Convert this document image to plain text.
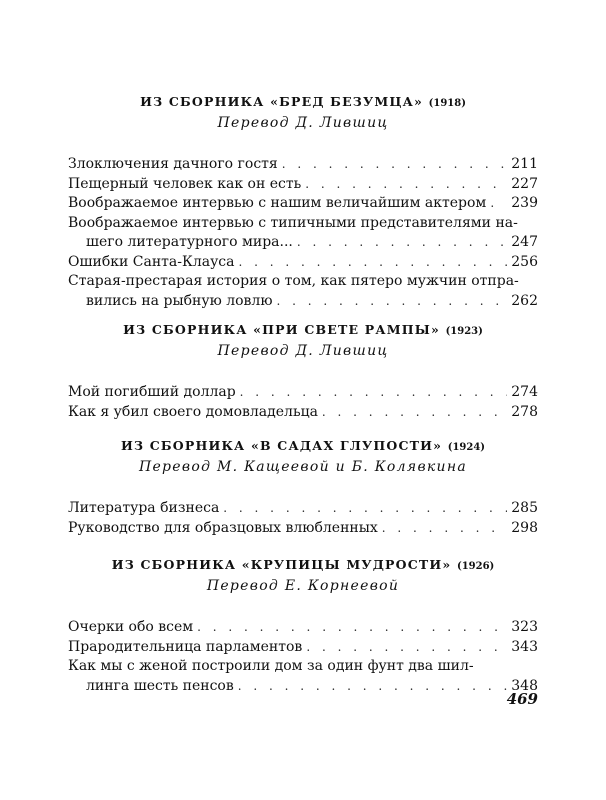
ИЗ СБОРНИКА «БРЕД БЕЗУМЦА» (1918)
Перевод Д. Лившиц
Злоключения дачного гостя . . .	211
Пещерный человек как он есть . . .	227
Воображаемое интервью с нашим величайшим актером . . . 239
Воображаемое интервью с типичными представителями на-
шего литературного мира... . . .	247
Ошибки Санта-Клауса . . .	256
Старая-престарая история о том, как пятеро мужчин отпра-
вились на рыбную ловлю . . .	262
ИЗ СБОРНИКА «ПРИ СВЕТЕ РАМПЫ» (1923)
Перевод Д. Лившиц
Мой погибший доллар . . .	274
Как я убил своего домовладельца . . .	278
ИЗ СБОРНИКА «В САДАХ ГЛУПОСТИ» (1924)
Перевод М. Кащеевой и Б. Колявкина
Литература бизнеса . . .	285
Руководство для образцовых влюбленных . . .	298
ИЗ СБОРНИКА «КРУПИЦЫ МУДРОСТИ» (1926)
Перевод Е. Корнеевой
Очерки обо всем . . .	323
Прародительница парламентов . . .	343
Как мы с женой построили дом за один фунт два шил-
линга шесть пенсов . . .	348
469
